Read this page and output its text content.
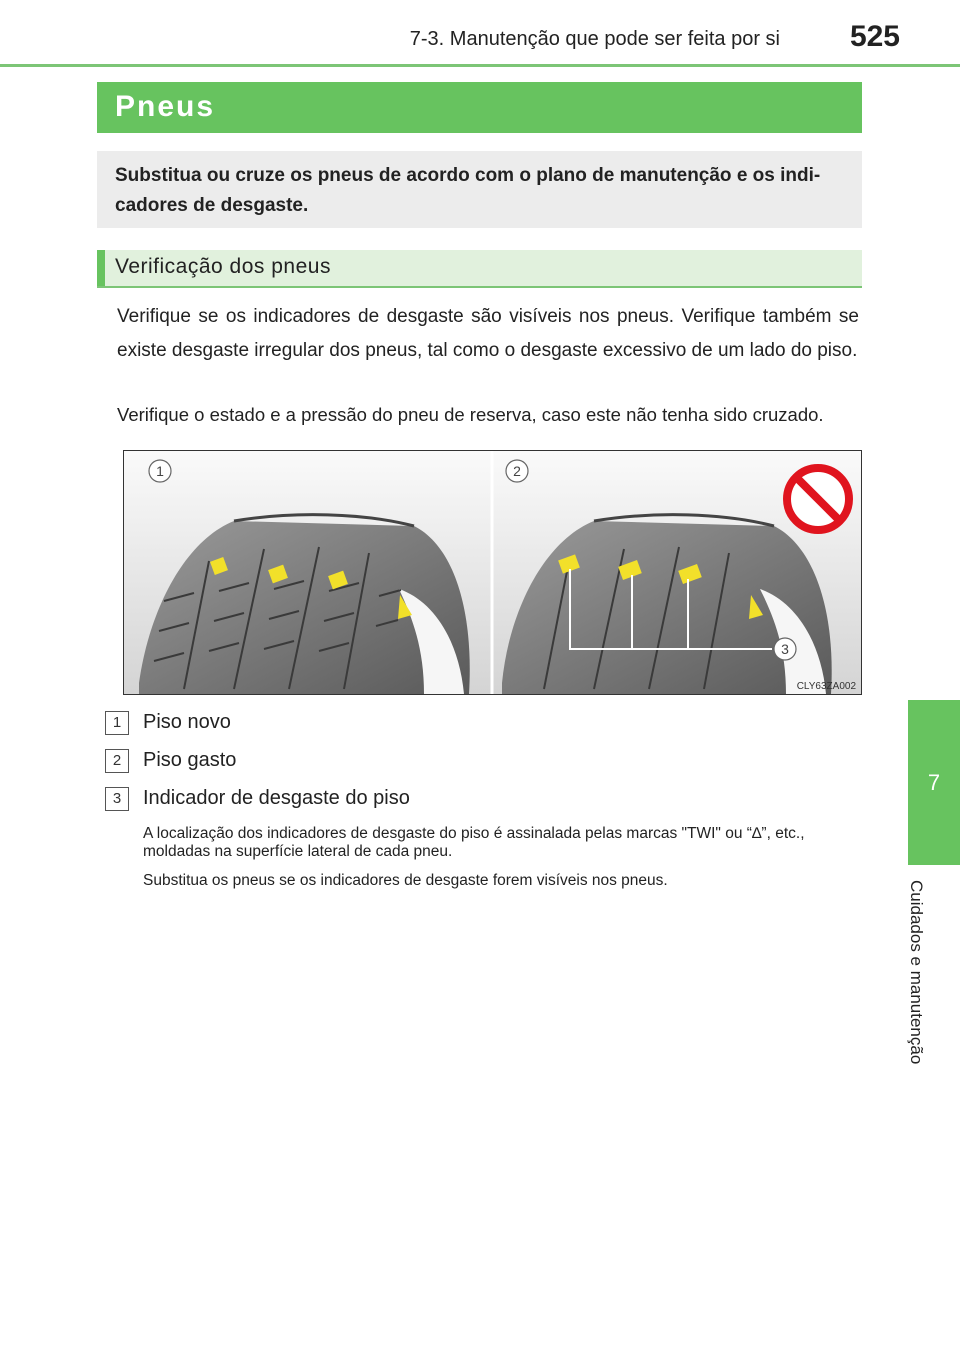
7-3. Manutenção que pode ser feita por si	525
7
Cuidados e manutenção
Pneus
Substitua ou cruze os pneus de acordo com o plano de manutenção e os indi- cadores de desgaste.
Verificação dos pneus
Verifique se os indicadores de desgaste são visíveis nos pneus. Verifique também se existe desgaste irregular dos pneus, tal como o desgaste excessivo de um lado do piso.
Verifique o estado e a pressão do pneu de reserva, caso este não tenha sido cruzado.
1	2
3
CLY63ZA002
1	Piso novo
2	Piso gasto
3	Indicador de desgaste do piso
A localização dos indicadores de desgaste do piso é assinalada pelas marcas "TWI" ou “∆”, etc., moldadas na superfície lateral de cada pneu.
Substitua os pneus se os indicadores de desgaste forem visíveis nos pneus.
